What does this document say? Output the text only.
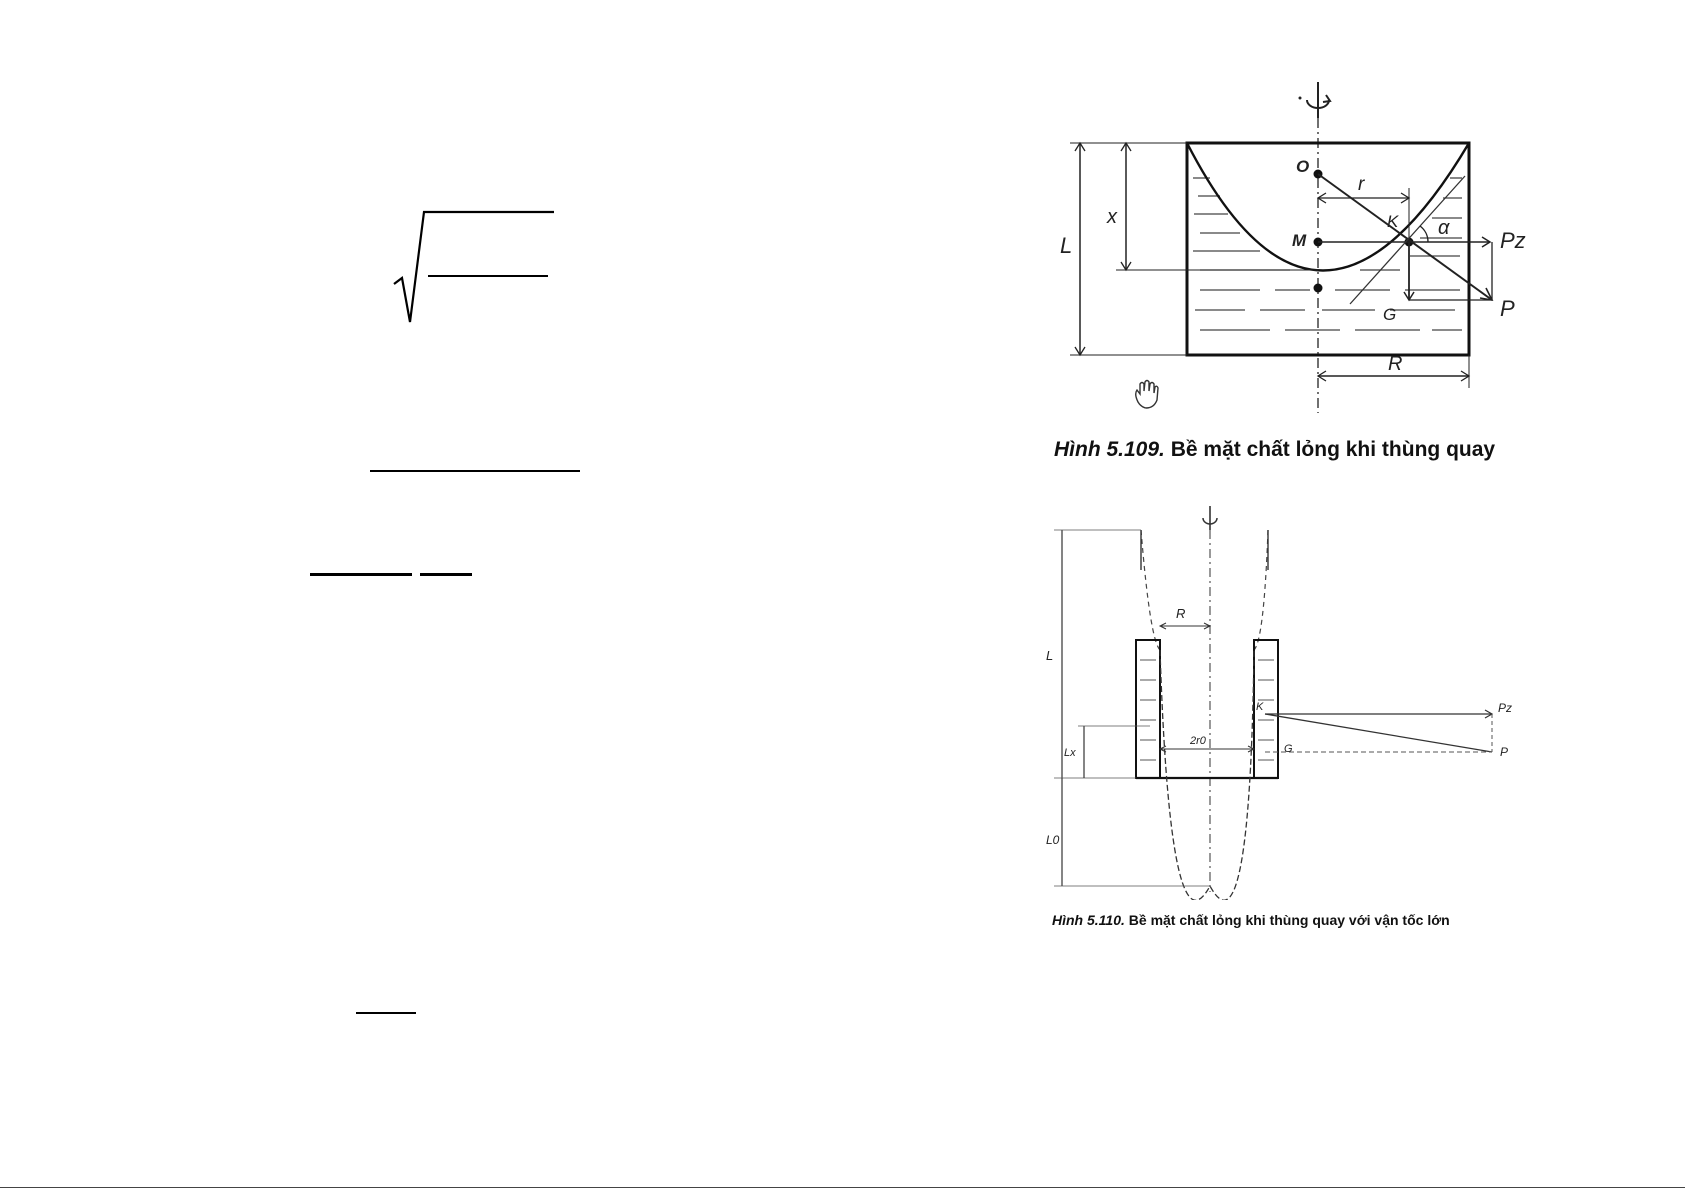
O
r
K
M
x
L
α Pz
P
G
R
Hình 5.109. Bề mặt chất lỏng khi thùng quay
R
L
K	Pz
2r0
G	P
Lx
L0
Hình 5.110. Bề mặt chất lỏng khi thùng quay với vận tốc lớn
